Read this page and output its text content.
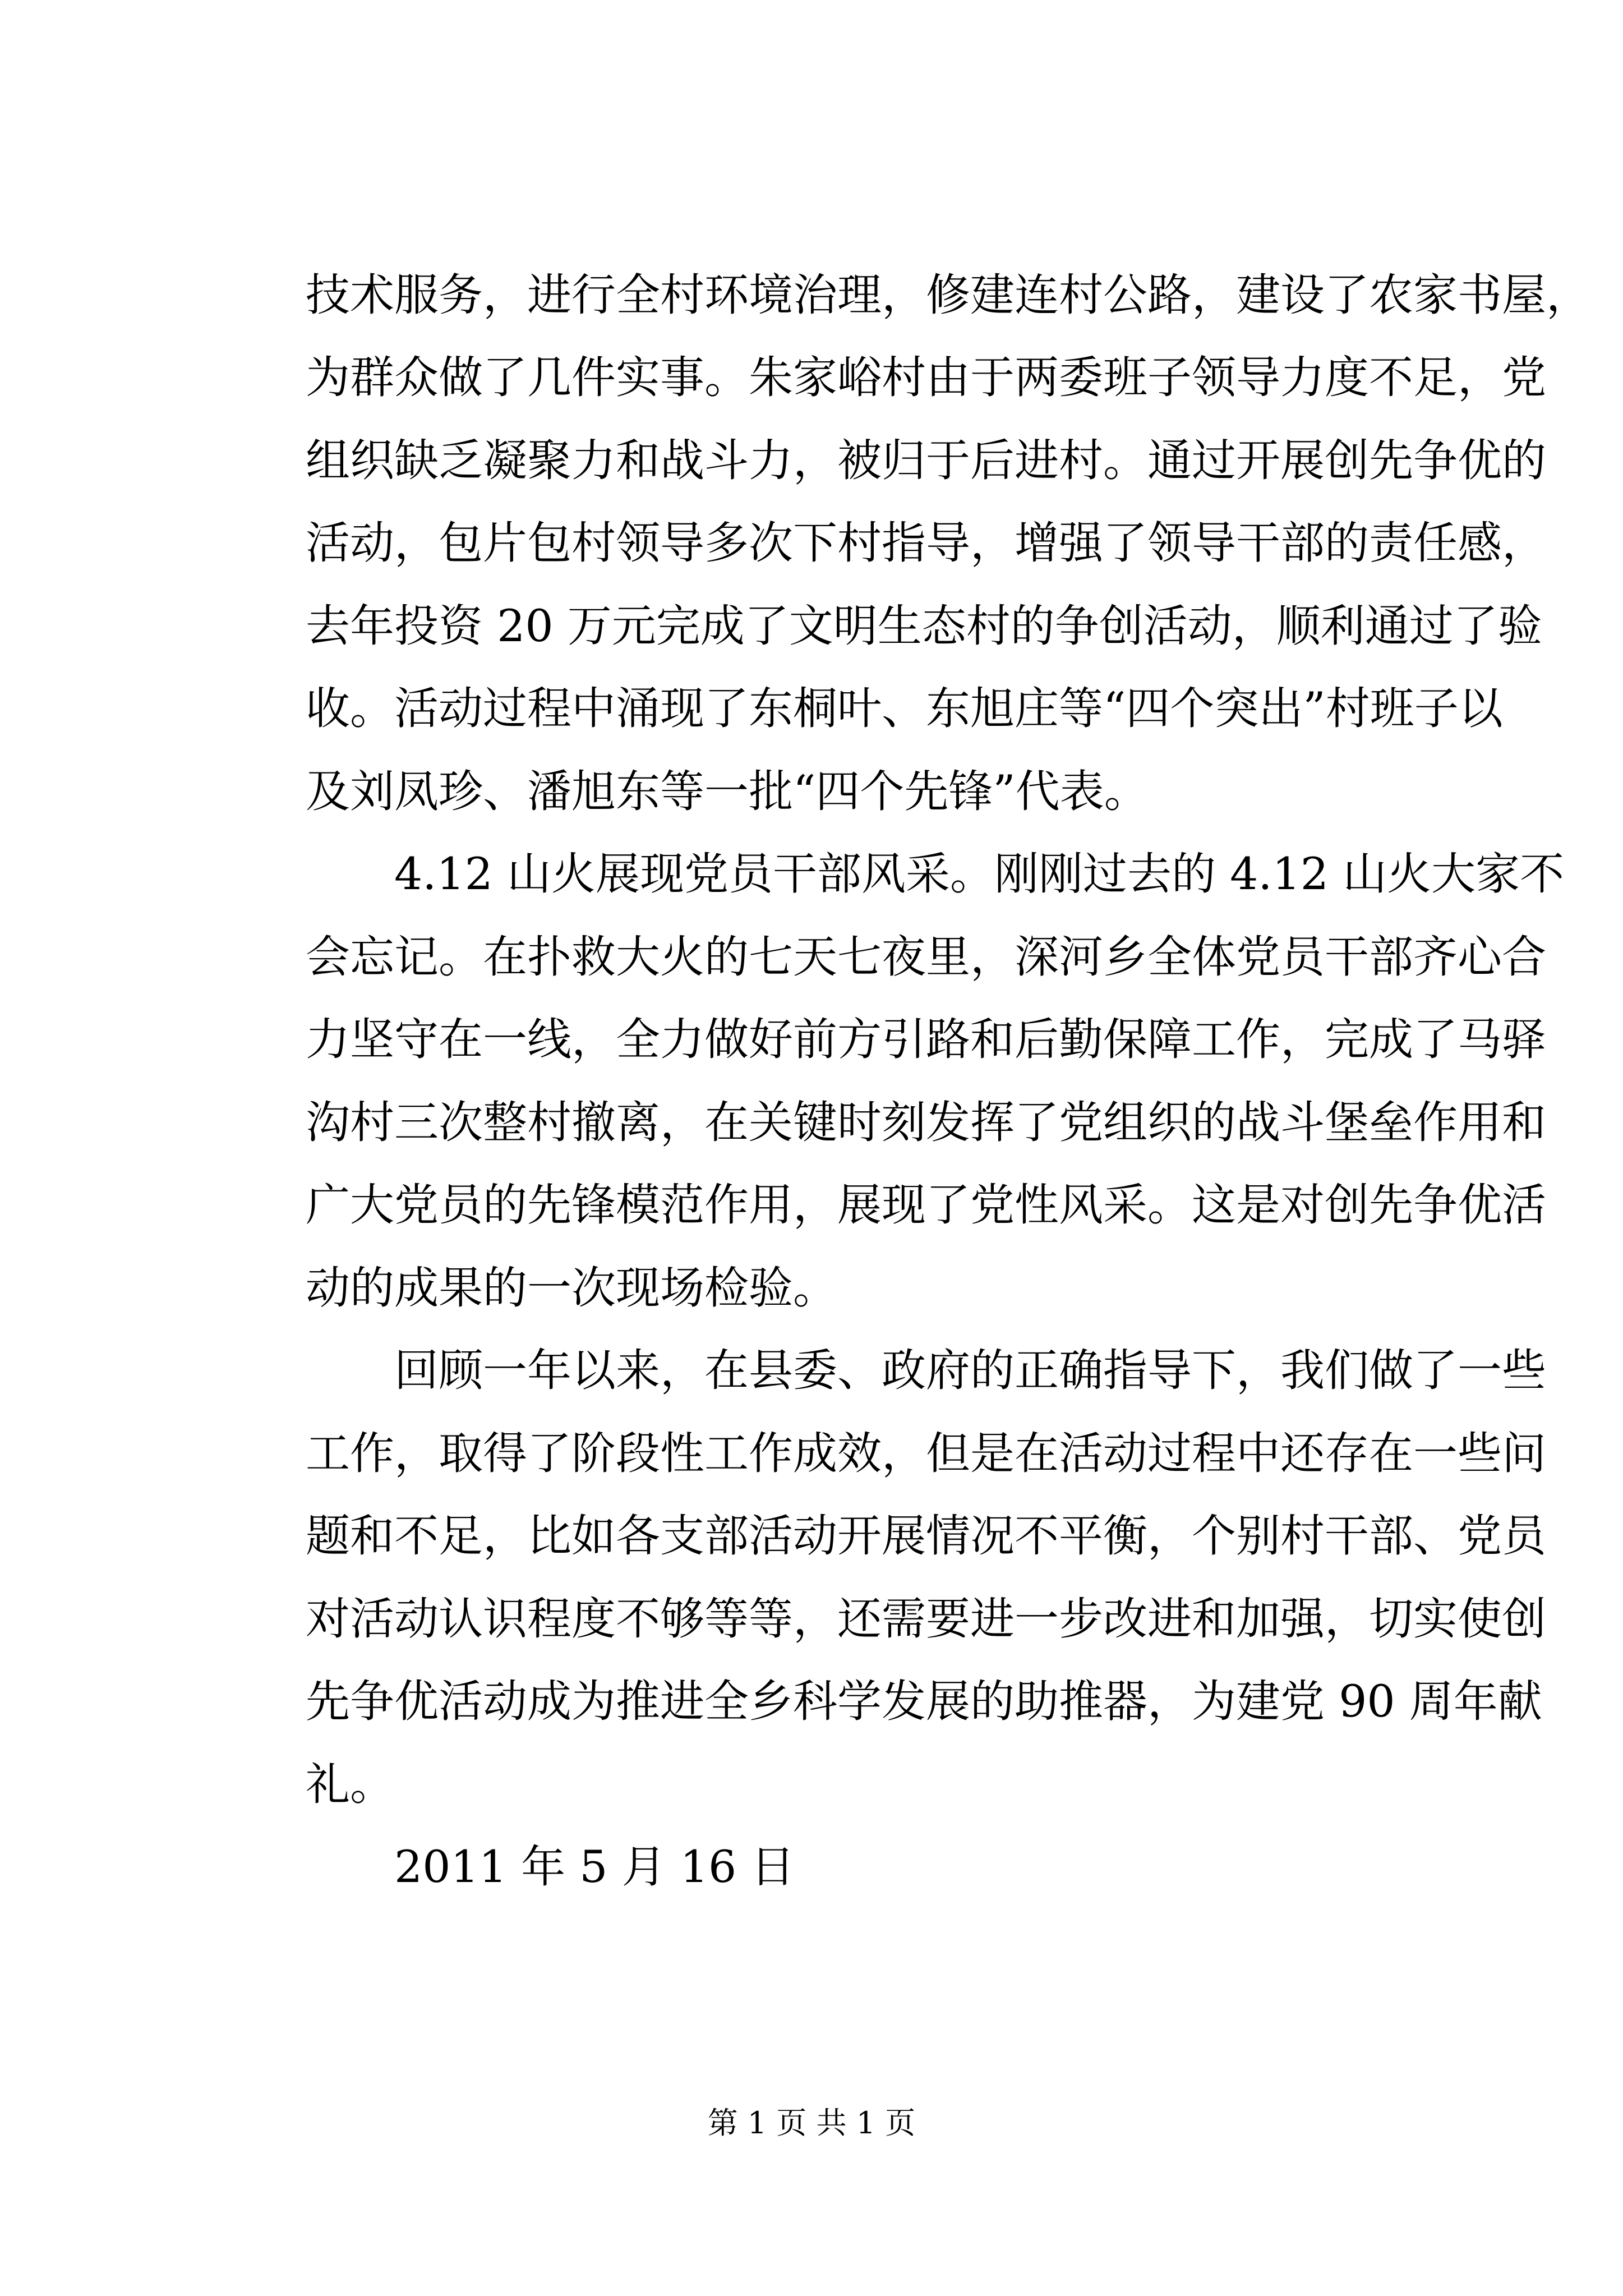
技术服务，进行全村环境治理，修建连村公路，建设了农家书屋，
为群众做了几件实事。朱家峪村由于两委班子领导力度不足，党
组织缺乏凝聚力和战斗力，被归于后进村。通过开展创先争优的
活动，包片包村领导多次下村指导，增强了领导干部的责任感，
去年投资 20 万元完成了文明生态村的争创活动，顺利通过了验
收。活动过程中涌现了东桐叶、东旭庄等“四个突出”村班子以
及刘凤珍、潘旭东等一批“四个先锋”代表。
4.12 山火展现党员干部风采。刚刚过去的 4.12 山火大家不
会忘记。在扑救大火的七天七夜里，深河乡全体党员干部齐心合
力坚守在一线，全力做好前方引路和后勤保障工作，完成了马驿
沟村三次整村撤离，在关键时刻发挥了党组织的战斗堡垒作用和
广大党员的先锋模范作用，展现了党性风采。这是对创先争优活
动的成果的一次现场检验。
回顾一年以来，在县委、政府的正确指导下，我们做了一些
工作，取得了阶段性工作成效，但是在活动过程中还存在一些问
题和不足，比如各支部活动开展情况不平衡，个别村干部、党员
对活动认识程度不够等等，还需要进一步改进和加强，切实使创
先争优活动成为推进全乡科学发展的助推器，为建党 90 周年献
礼。
2011 年 5 月 16 日
第 1 页 共 1 页
